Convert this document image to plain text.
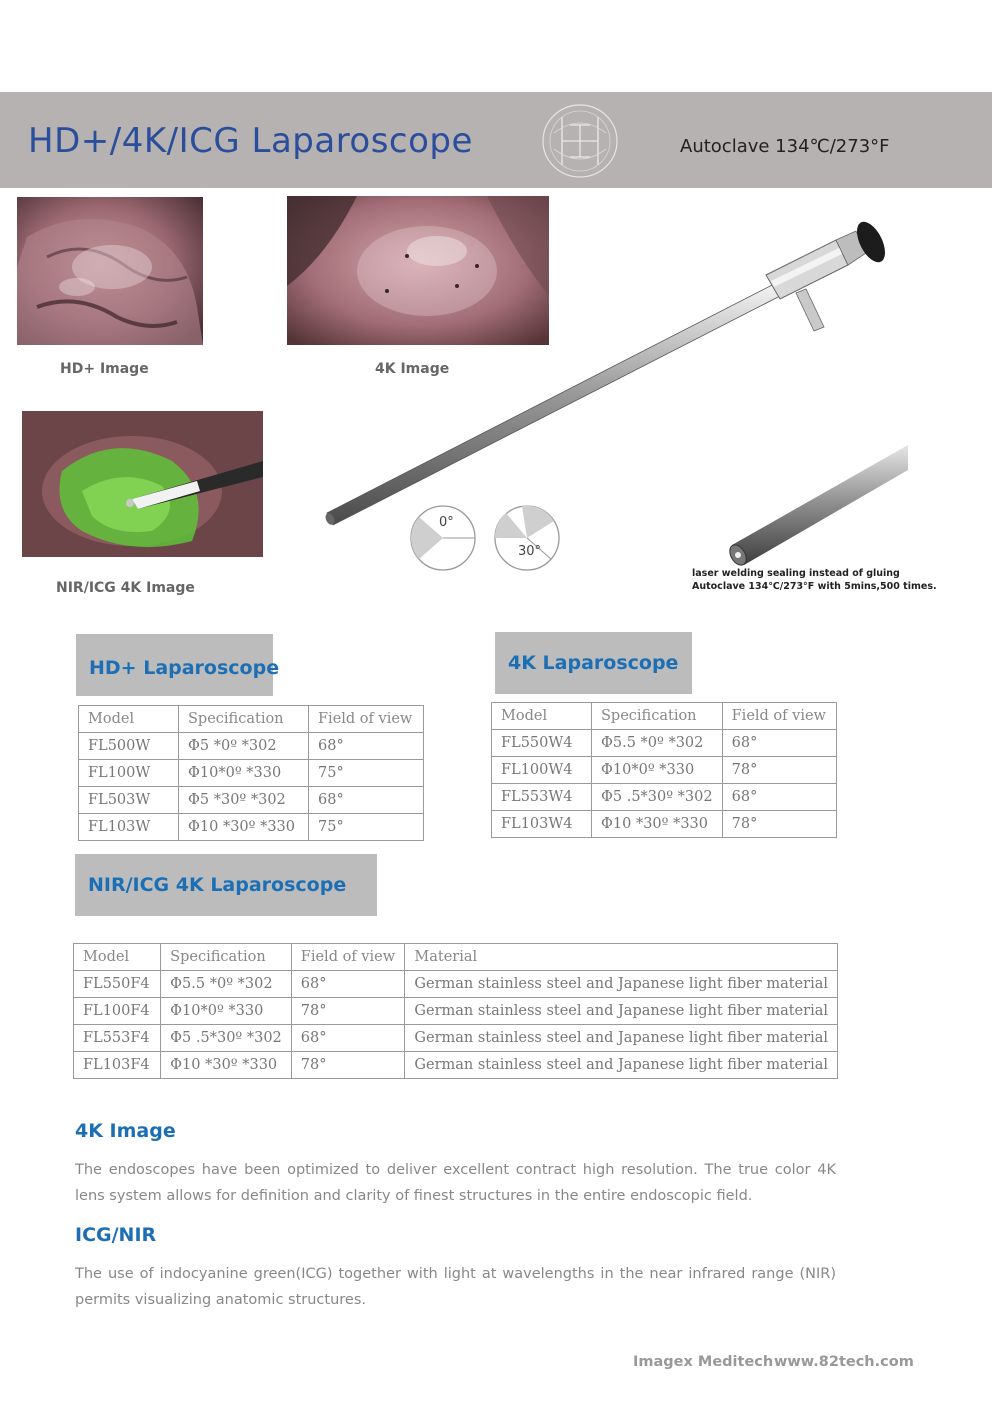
HD+/4K/ICG Laparoscope	Autoclave 134℃/273°F
HD+ Image	4K Image
NIR/ICG 4K Image
0°
30°
laser welding sealing instead of gluing
Autoclave 134℃/273°F with 5mins,500 times.
HD+ Laparoscope
Model	Specification	Field of view
FL500W	Φ5 *0º *302	68°
FL100W	Φ10*0º *330	75°
FL503W	Φ5 *30º *302	68°
FL103W	Φ10 *30º *330	75°
4K Laparoscope
Model	Specification	Field of view
FL550W4	Φ5.5 *0º *302	68°
FL100W4	Φ10*0º *330	78°
FL553W4	Φ5 .5*30º *302	68°
FL103W4	Φ10 *30º *330	78°
NIR/ICG 4K Laparoscope
Model	Specification	Field of view	Material
FL550F4	Φ5.5 *0º *302	68°	German stainless steel and Japanese light fiber material
FL100F4	Φ10*0º *330	78°	German stainless steel and Japanese light fiber material
FL553F4	Φ5 .5*30º *302	68°	German stainless steel and Japanese light fiber material
FL103F4	Φ10 *30º *330	78°	German stainless steel and Japanese light fiber material
4K Image
The endoscopes have been optimized to deliver excellent contract high resolution. The true color 4K lens system allows for definition and clarity of finest structures in the entire endoscopic field.
ICG/NIR
The use of indocyanine green(ICG) together with light at wavelengths in the near infrared range (NIR) permits visualizing anatomic structures.
Imagex Meditech www.82tech.com
